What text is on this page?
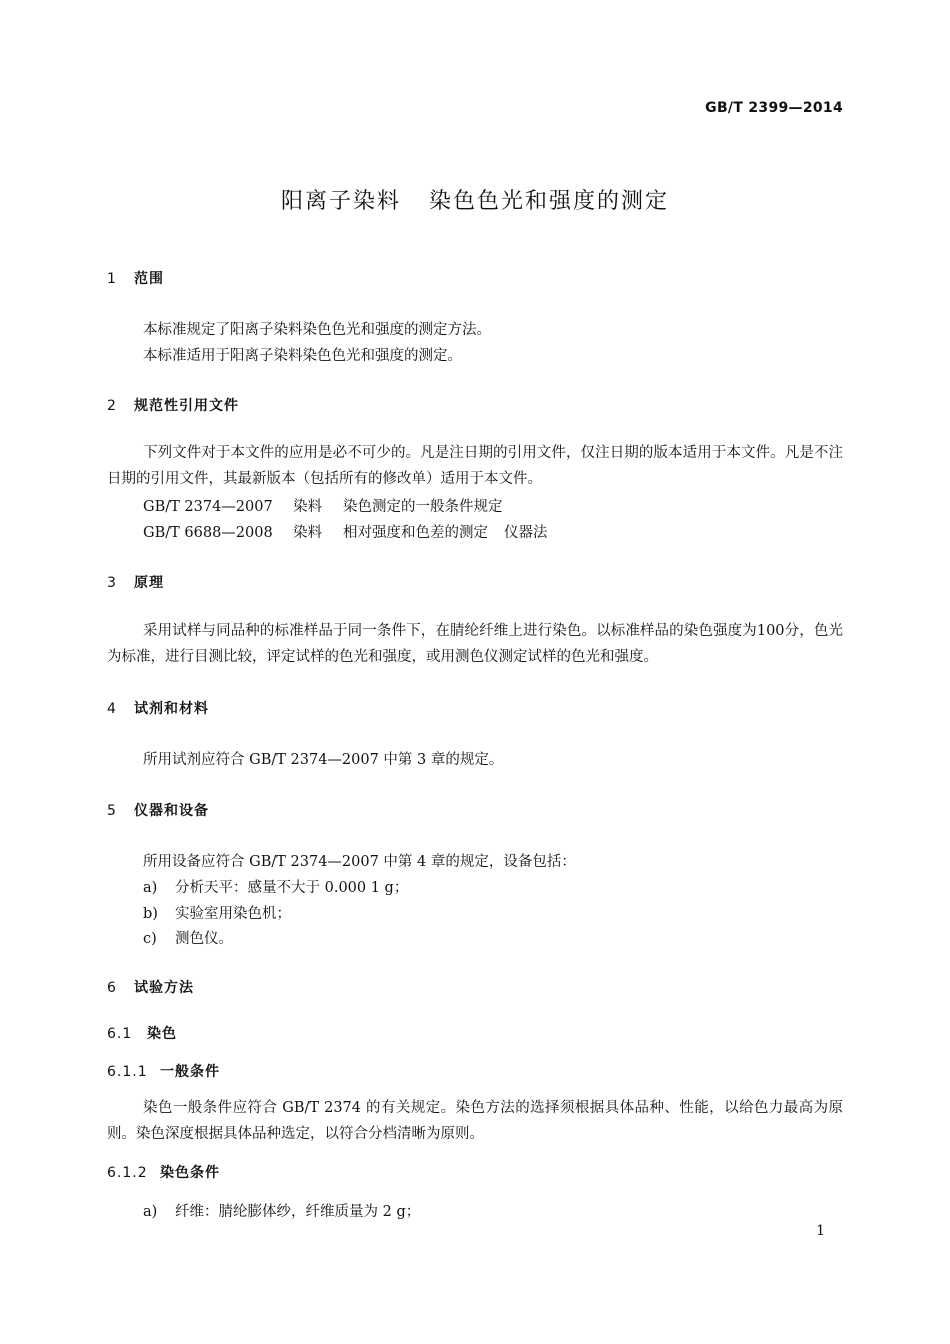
GB/T 2399—2014
阳离子染料 染色色光和强度的测定
1 范围
本标准规定了阳离子染料染色色光和强度的测定方法。
本标准适用于阳离子染料染色色光和强度的测定。
2 规范性引用文件
下列文件对于本文件的应用是必不可少的。凡是注日期的引用文件，仅注日期的版本适用于本文件。凡是不注日期的引用文件，其最新版本（包括所有的修改单）适用于本文件。
GB/T 2374—2007 染料 染色测定的一般条件规定
GB/T 6688—2008 染料 相对强度和色差的测定 仪器法
3 原理
采用试样与同品种的标准样品于同一条件下，在腈纶纤维上进行染色。以标准样品的染色强度为100分，色光为标准，进行目测比较，评定试样的色光和强度，或用测色仪测定试样的色光和强度。
4 试剂和材料
所用试剂应符合 GB/T 2374—2007 中第 3 章的规定。
5 仪器和设备
所用设备应符合 GB/T 2374—2007 中第 4 章的规定，设备包括：
a) 分析天平：感量不大于 0.000 1 g；
b) 实验室用染色机；
c) 测色仪。
6 试验方法
6.1 染色
6.1.1 一般条件
染色一般条件应符合 GB/T 2374 的有关规定。染色方法的选择须根据具体品种、性能，以给色力最高为原则。染色深度根据具体品种选定，以符合分档清晰为原则。
6.1.2 染色条件
a) 纤维：腈纶膨体纱，纤维质量为 2 g；
1
